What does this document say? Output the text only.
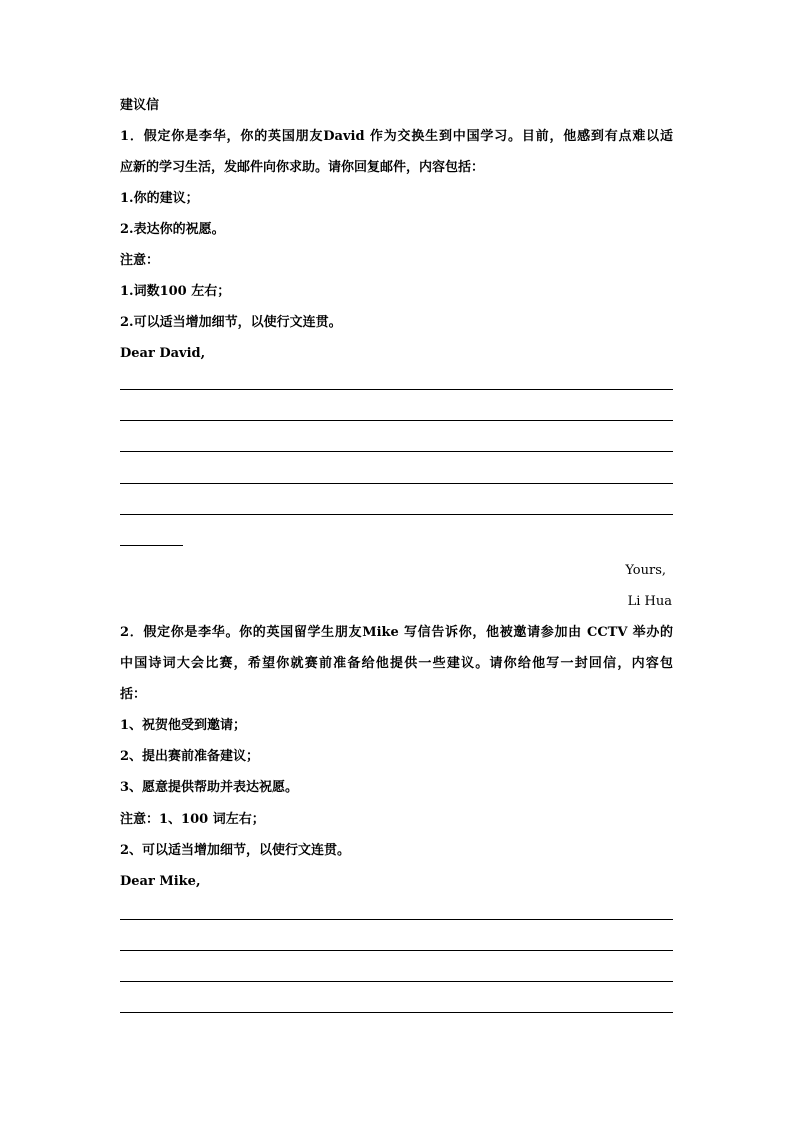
建议信
1．假定你是李华，你的英国朋友David 作为交换生到中国学习。目前，他感到有点难以适
应新的学习生活，发邮件向你求助。请你回复邮件，内容包括：
1.你的建议；
2.表达你的祝愿。
注意：
1.词数100 左右；
2.可以适当增加细节，以使行文连贯。
Dear David,
Yours,
Li Hua
2．假定你是李华。你的英国留学生朋友Mike 写信告诉你，他被邀请参加由 CCTV 举办的
中国诗词大会比赛，希望你就赛前准备给他提供一些建议。请你给他写一封回信，内容包
括：
1、祝贺他受到邀请；
2、提出赛前准备建议；
3、愿意提供帮助并表达祝愿。
注意：1、100 词左右；
2、可以适当增加细节，以使行文连贯。
Dear Mike,
